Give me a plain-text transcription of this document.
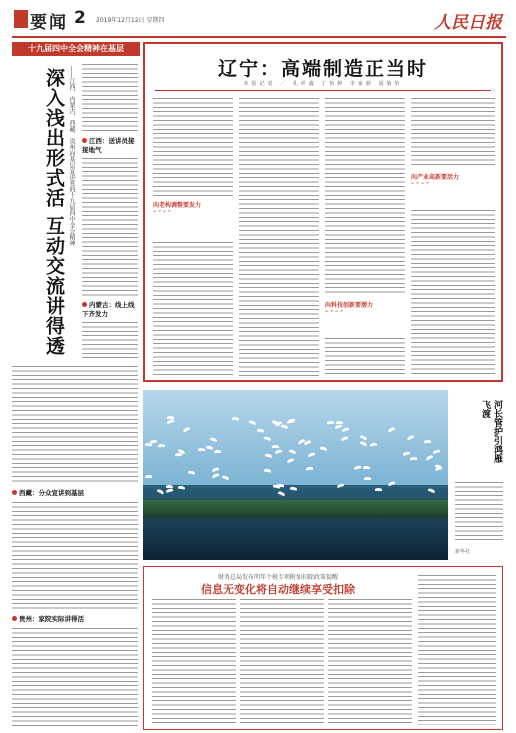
要闻 2 2019年12月12日 星期四	人民日报
十九届四中全会精神在基层
深入浅出形式活 互动交流讲得透 ——江西、内蒙古、西藏、贵州向基层宣讲党的十九届四中全会精神	江西：送讲员接接地气
内蒙古：线上线下齐发力
西藏：分众宣讲到基层
贵州：家院实际讲得活
辽宁：高端制造正当时
本报记者 ／ 孔祥鑫 丁怡婷 李家鼎 胡婧怡
向老构调整要发力
“ ” “ ”
向科技创新要潜力
“ ” “ ”
向产业高新要活力
“ ” “ ”
河长管护引鸿雁飞渡
新华社
财务总局发布明年个税专项附加扣除政策提醒
信息无变化将自动继续享受扣除
